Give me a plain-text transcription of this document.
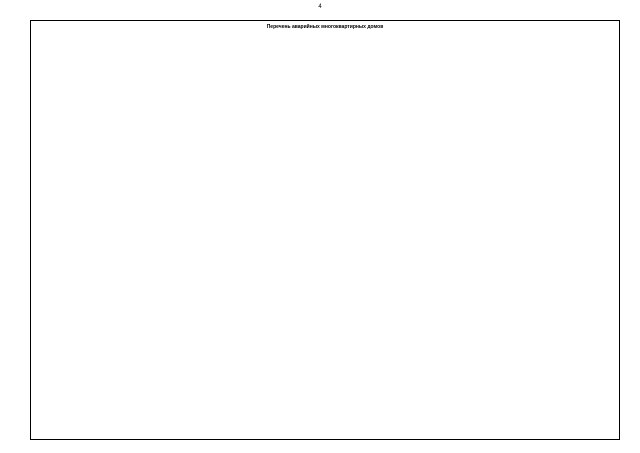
4
Перечень аварийных многоквартирных домов
